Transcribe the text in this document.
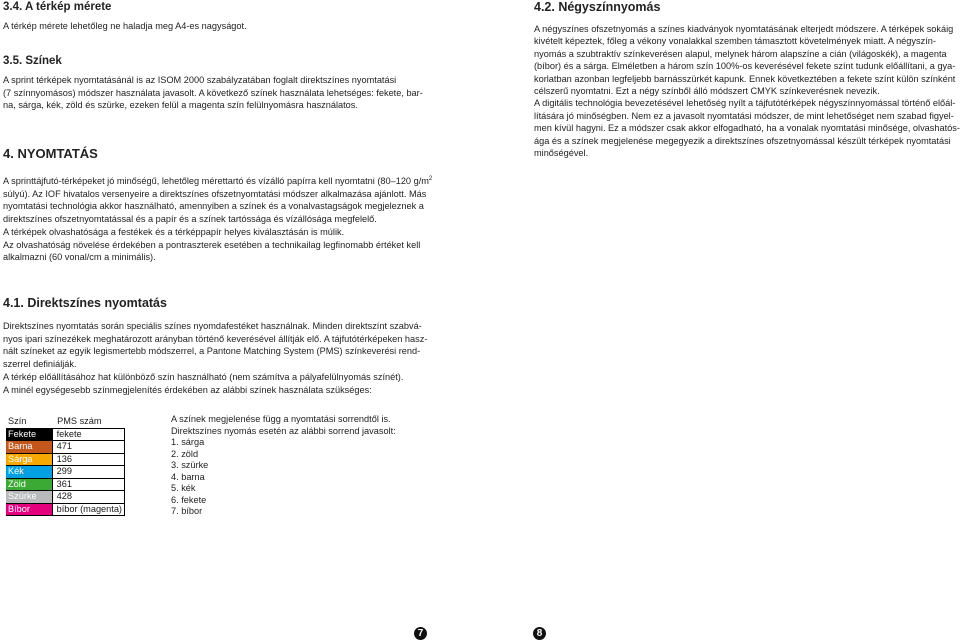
3.4. A térkép mérete
A térkép mérete lehetőleg ne haladja meg A4-es nagyságot.
3.5. Színek
A sprint térképek nyomtatásánál is az ISOM 2000 szabályzatában foglalt direktszínes nyomtatási
(7 színnyomásos) módszer használata javasolt. A következő színek használata lehetséges: fekete, bar-
na, sárga, kék, zöld és szürke, ezeken felül a magenta szín felülnyomásra használatos.
4. NYOMTATÁS
A sprinttájfutó-térképeket jó minőségű, lehetőleg mérettartó és vízálló papírra kell nyomtatni (80–120 $g/m^2$
súlyú). Az IOF hivatalos versenyeire a direktszínes ofszetnyomtatási módszer alkalmazása ajánlott. Más
nyomtatási technológia akkor használható, amennyiben a színek és a vonalvastagságok megjeleznek a
direktszínes ofszetnyomtatással és a papír és a színek tartóssága és vízállósága megfelelő.
A térképek olvashatósága a festékek és a térképpapír helyes kiválasztásán is múlik.
Az olvashatóság növelése érdekében a pontraszterek esetében a technikailag legfinomabb értéket kell
alkalmazni (60 vonal/cm a minimális).
4.1. Direktszínes nyomtatás
Direktszínes nyomtatás során speciális színes nyomdafestéket használnak. Minden direktszínt szabvá-
nyos ipari színezékek meghatározott arányban történő keverésével állítják elő. A tájfutótérképeken hasz-
nált színeket az egyik legismertebb módszerrel, a Pantone Matching System (PMS) színkeverési rend-
szerrel definiálják.
A térkép előállításához hat különböző szín használható (nem számítva a pályafelülnyomás színét).
A minél egységesebb színmegjelenítés érdekében az alábbi színek használata szükséges:
Szín	PMS szám
Fekete	fekete
Barna	471
Sárga	136
Kék	299
Zöld	361
Szürke	428
Bíbor	bíbor (magenta)
A színek megjelenése függ a nyomtatási sorrendtől is.
Direktszínes nyomás esetén az alábbi sorrend javasolt:
1. sárga
2. zöld
3. szürke
4. barna
5. kék
6. fekete
7. bíbor
4.2. Négyszínnyomás
A négyszínes ofszetnyomás a színes kiadványok nyomtatásának elterjedt módszere. A térképek sokáig
kivételt képeztek, főleg a vékony vonalakkal szemben támasztott követelmények miatt. A négyszín-
nyomás a szubtraktív színkeverésen alapul, melynek három alapszíne a cián (világoskék), a magenta
(bíbor) és a sárga. Elméletben a három szín 100%-os keverésével fekete színt tudunk előállítani, a gya-
korlatban azonban legfeljebb barnásszürkét kapunk. Ennek következtében a fekete színt külön színként
célszerű nyomtatni. Ezt a négy színből álló módszert CMYK színkeverésnek nevezik.
A digitális technológia bevezetésével lehetőség nyílt a tájfutótérképek négyszínnyomással történő előál-
lítására jó minőségben. Nem ez a javasolt nyomtatási módszer, de mint lehetőséget nem szabad figyel-
men kívül hagyni. Ez a módszer csak akkor elfogadható, ha a vonalak nyomtatási minősége, olvashatós-
ága és a színek megjelenése megegyezik a direktszínes ofszetnyomással készült térképek nyomtatási
minőségével.
7	8
